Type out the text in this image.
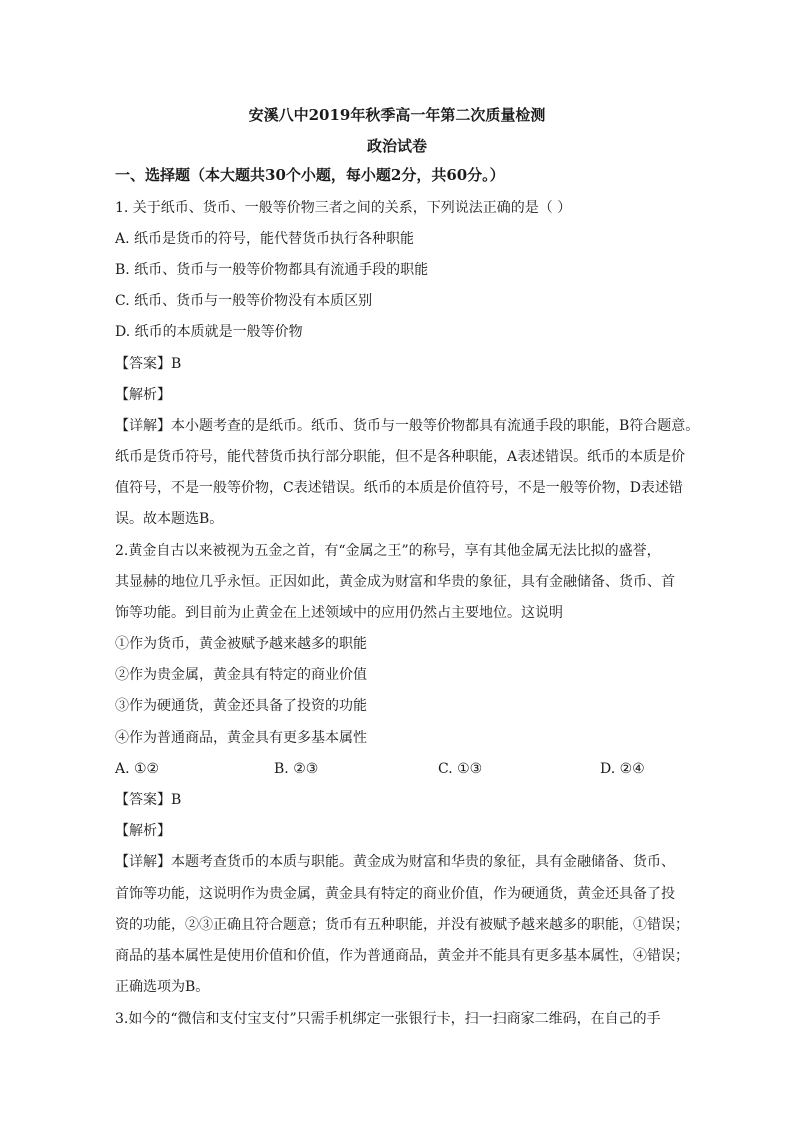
安溪八中2019年秋季高一年第二次质量检测
政治试卷
一、选择题（本大题共30个小题，每小题2分，共60分。）
1. 关于纸币、货币、一般等价物三者之间的关系，下列说法正确的是（ ）
A. 纸币是货币的符号，能代替货币执行各种职能
B. 纸币、货币与一般等价物都具有流通手段的职能
C. 纸币、货币与一般等价物没有本质区别
D. 纸币的本质就是一般等价物
【答案】B
【解析】
【详解】本小题考查的是纸币。纸币、货币与一般等价物都具有流通手段的职能，B符合题意。
纸币是货币符号，能代替货币执行部分职能，但不是各种职能，A表述错误。纸币的本质是价
值符号，不是一般等价物，C表述错误。纸币的本质是价值符号，不是一般等价物，D表述错
误。故本题选B。
2.黄金自古以来被视为五金之首，有“金属之王”的称号，享有其他金属无法比拟的盛誉，
其显赫的地位几乎永恒。正因如此，黄金成为财富和华贵的象征，具有金融储备、货币、首
饰等功能。到目前为止黄金在上述领域中的应用仍然占主要地位。这说明
①作为货币，黄金被赋予越来越多的职能
②作为贵金属，黄金具有特定的商业价值
③作为硬通货，黄金还具备了投资的功能
④作为普通商品，黄金具有更多基本属性
A. ①②	B. ②③	C. ①③	D. ②④
【答案】B
【解析】
【详解】本题考查货币的本质与职能。黄金成为财富和华贵的象征，具有金融储备、货币、
首饰等功能，这说明作为贵金属，黄金具有特定的商业价值，作为硬通货，黄金还具备了投
资的功能，②③正确且符合题意；货币有五种职能，并没有被赋予越来越多的职能，①错误；
商品的基本属性是使用价值和价值，作为普通商品，黄金并不能具有更多基本属性，④错误；
正确选项为B。
3.如今的“微信和支付宝支付”只需手机绑定一张银行卡，扫一扫商家二维码，在自己的手
